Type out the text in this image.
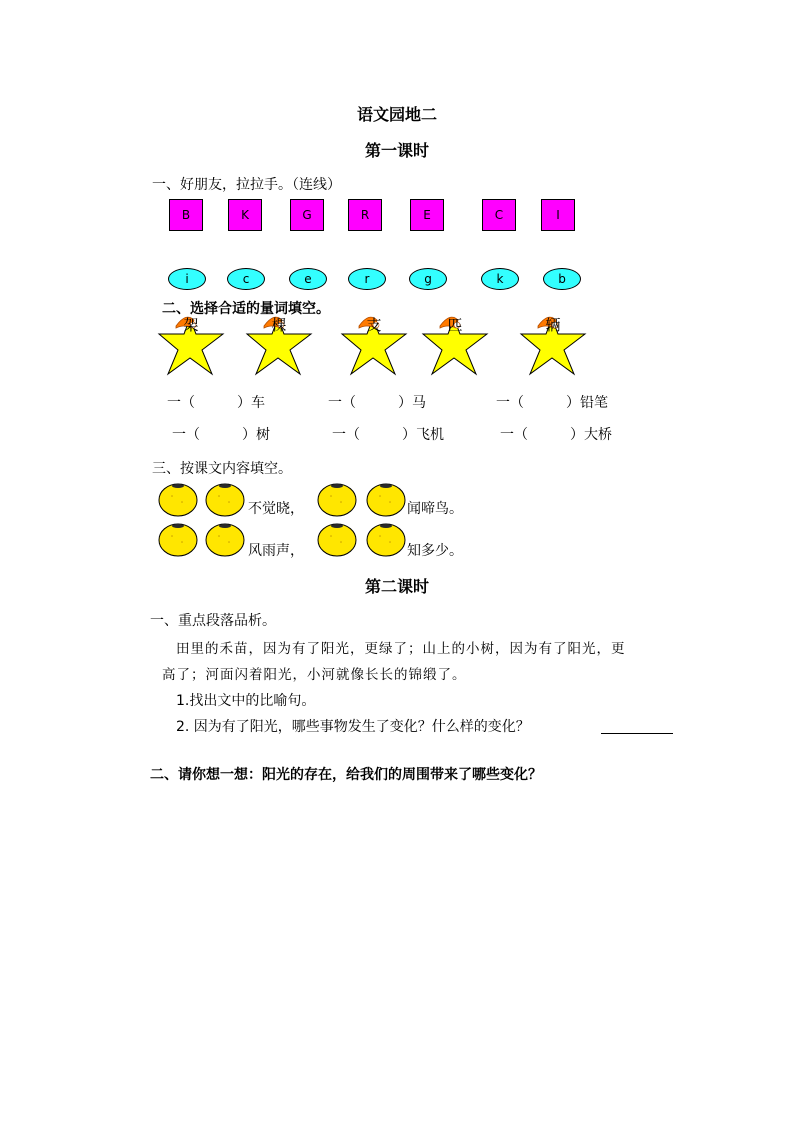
语文园地二
第一课时
一、好朋友，拉拉手。（连线）
B	K	G	R	E	C	I
i	c	e	r	g	k	b
二、选择合适的量词填空。
架	棵	支	匹	辆
一（　　　）车	一（　　　）马	一（　　　）铅笔
一（　　　）树	一（　　　）飞机	一（　　　）大桥
三、按课文内容填空。
不觉晓，	闻啼鸟。
风雨声，	知多少。
第二课时
一、重点段落品析。
田里的禾苗，因为有了阳光，更绿了；山上的小树，因为有了阳光，更
高了；河面闪着阳光，小河就像长长的锦缎了。
1.找出文中的比喻句。
2. 因为有了阳光，哪些事物发生了变化？什么样的变化？
二、请你想一想：阳光的存在，给我们的周围带来了哪些变化？
